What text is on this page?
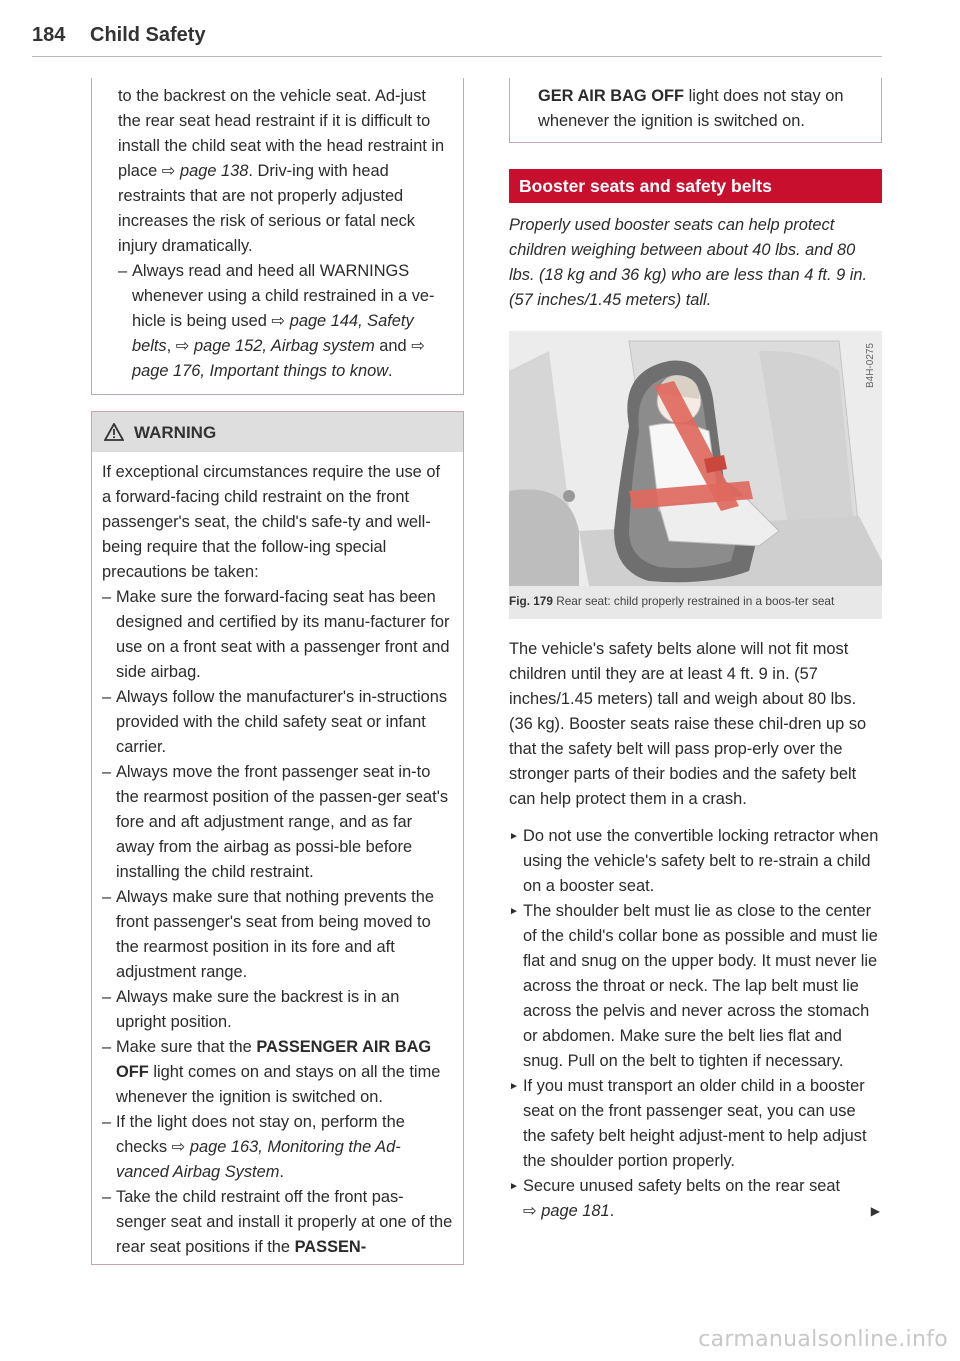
184 Child Safety

to the backrest on the vehicle seat. Ad-just the rear seat head restraint if it is difficult to install the child seat with the head restraint in place ⇨ page 138. Driv-ing with head restraints that are not properly adjusted increases the risk of serious or fatal neck injury dramatically.

– Always read and heed all WARNINGS whenever using a child restrained in a ve-hicle is being used ⇨ page 144, Safety belts, ⇨ page 152, Airbag system and ⇨ page 176, Important things to know.
WARNING

If exceptional circumstances require the use of a forward-facing child restraint on the front passenger's seat, the child's safe-ty and well-being require that the follow-ing special precautions be taken:

– Make sure the forward-facing seat has been designed and certified by its manu-facturer for use on a front seat with a passenger front and side airbag.
– Always follow the manufacturer's in-structions provided with the child safety seat or infant carrier.
– Always move the front passenger seat in-to the rearmost position of the passen-ger seat's fore and aft adjustment range, and as far away from the airbag as possi-ble before installing the child restraint.
– Always make sure that nothing prevents the front passenger's seat from being moved to the rearmost position in its fore and aft adjustment range.
– Always make sure the backrest is in an upright position.
– Make sure that the PASSENGER AIR BAG OFF light comes on and stays on all the time whenever the ignition is switched on.
– If the light does not stay on, perform the checks ⇨ page 163, Monitoring the Ad-vanced Airbag System.
– Take the child restraint off the front pas-senger seat and install it properly at one of the rear seat positions if the PASSEN-
GER AIR BAG OFF light does not stay on whenever the ignition is switched on.
Booster seats and safety belts
Properly used booster seats can help protect children weighing between about 40 lbs. and 80 lbs. (18 kg and 36 kg) who are less than 4 ft. 9 in. (57 inches/1.45 meters) tall.
B4H-0275
Fig. 179 Rear seat: child properly restrained in a boos-ter seat

The vehicle's safety belts alone will not fit most children until they are at least 4 ft. 9 in. (57 inches/1.45 meters) tall and weigh about 80 lbs. (36 kg). Booster seats raise these chil-dren up so that the safety belt will pass prop-erly over the stronger parts of their bodies and the safety belt can help protect them in a crash.

► Do not use the convertible locking retractor when using the vehicle's safety belt to re-strain a child on a booster seat.
► The shoulder belt must lie as close to the center of the child's collar bone as possible and must lie flat and snug on the upper body. It must never lie across the throat or neck. The lap belt must lie across the pelvis and never across the stomach or abdomen. Make sure the belt lies flat and snug. Pull on the belt to tighten if necessary.
► If you must transport an older child in a booster seat on the front passenger seat, you can use the safety belt height adjust-ment to help adjust the shoulder portion properly.
► Secure unused safety belts on the rear seat
⇨ page 181.	▶
carmanualsonline.info
